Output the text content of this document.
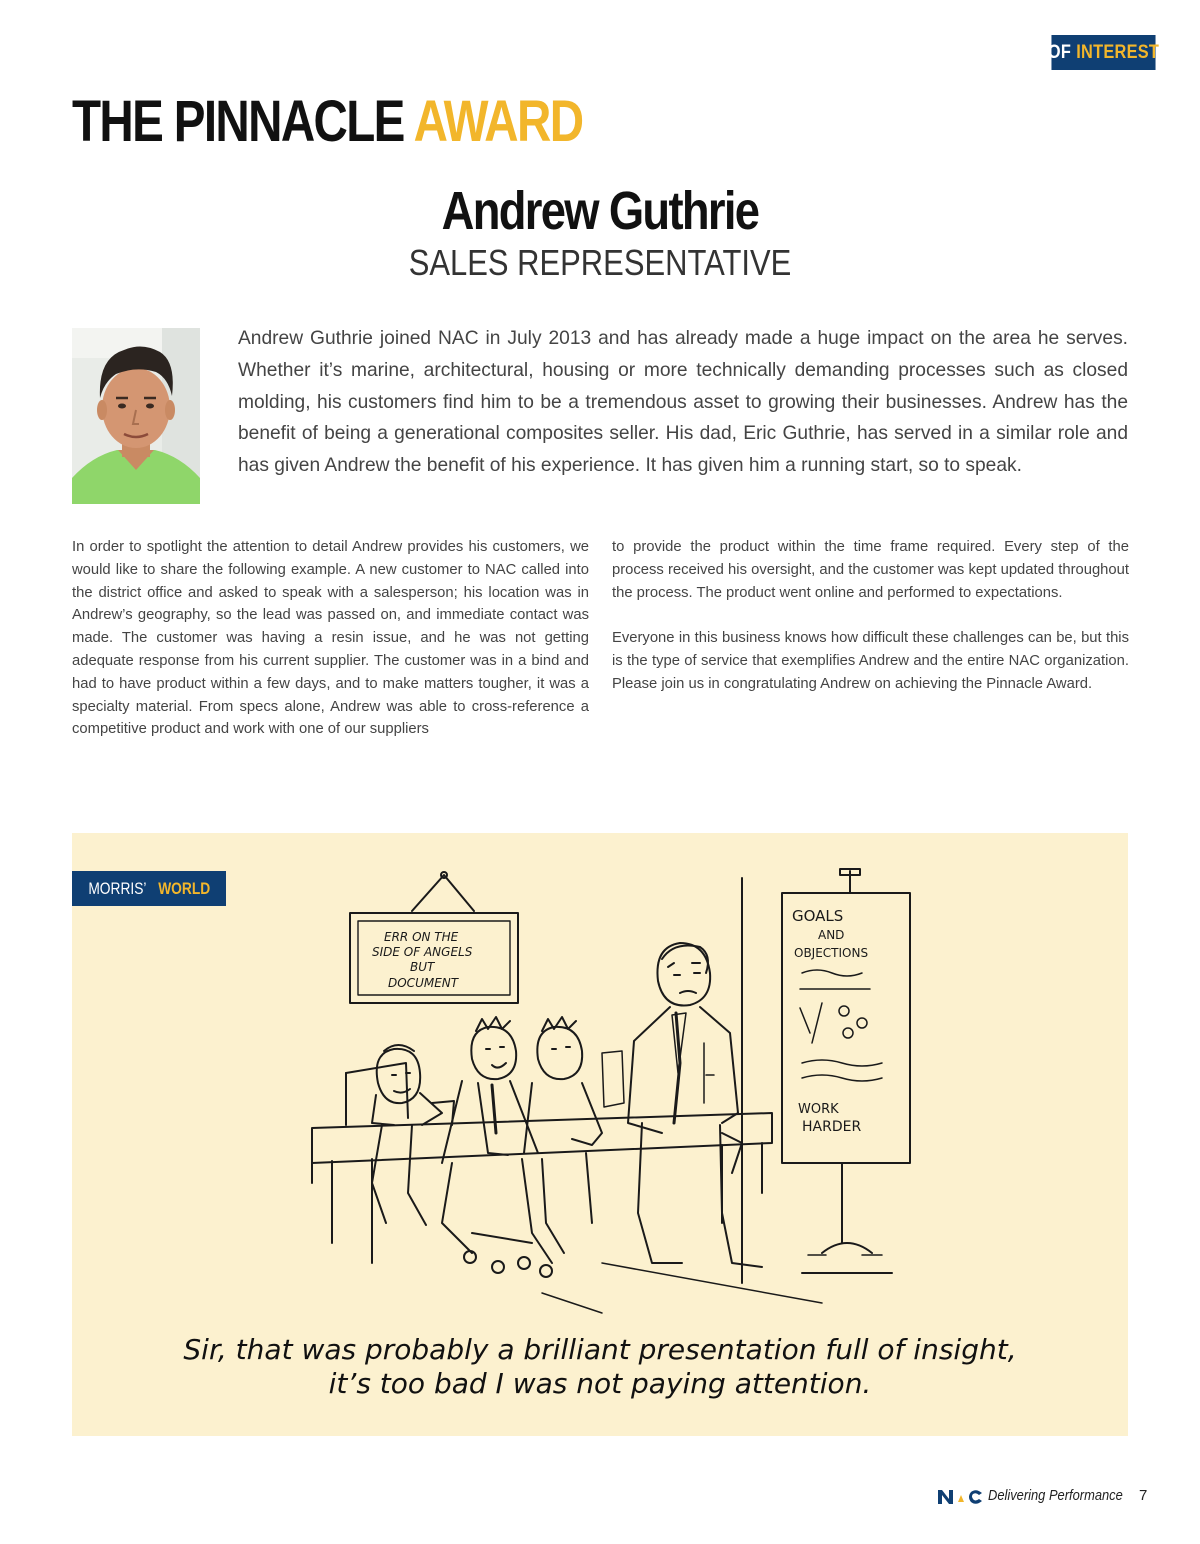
OF INTEREST
THE PINNACLE AWARD
Andrew Guthrie
SALES REPRESENTATIVE

Andrew Guthrie joined NAC in July 2013 and has already made a huge impact on the area he serves. Whether it’s marine, architectural, housing or more technically demanding processes such as closed molding, his customers find him to be a tremendous asset to growing their businesses. Andrew has the benefit of being a generational composites seller. His dad, Eric Guthrie, has served in a similar role and has given Andrew the benefit of his experience. It has given him a running start, so to speak.

In order to spotlight the attention to detail Andrew provides his customers, we would like to share the following example. A new customer to NAC called into the district office and asked to speak with a salesperson; his location was in Andrew’s geography, so the lead was passed on, and immediate contact was made. The customer was having a resin issue, and he was not getting adequate response from his current supplier. The customer was in a bind and had to have product within a few days, and to make matters tougher, it was a specialty material. From specs alone, Andrew was able to cross-reference a competitive product and work with one of our suppliers

to provide the product within the time frame required. Every step of the process received his oversight, and the customer was kept updated throughout the process. The product went online and performed to expectations.

Everyone in this business knows how difficult these challenges can be, but this is the type of service that exemplifies Andrew and the entire NAC organization. Please join us in congratulating Andrew on achieving the Pinnacle Award.

MORRIS’ WORLD
ERR ON THE
SIDE OF ANGELS
BUT
DOCUMENT
GOALS
AND
OBJECTIONS
WORK
HARDER

Sir, that was probably a brilliant presentation full of insight,
it’s too bad I was not paying attention.

Delivering Performance 7
